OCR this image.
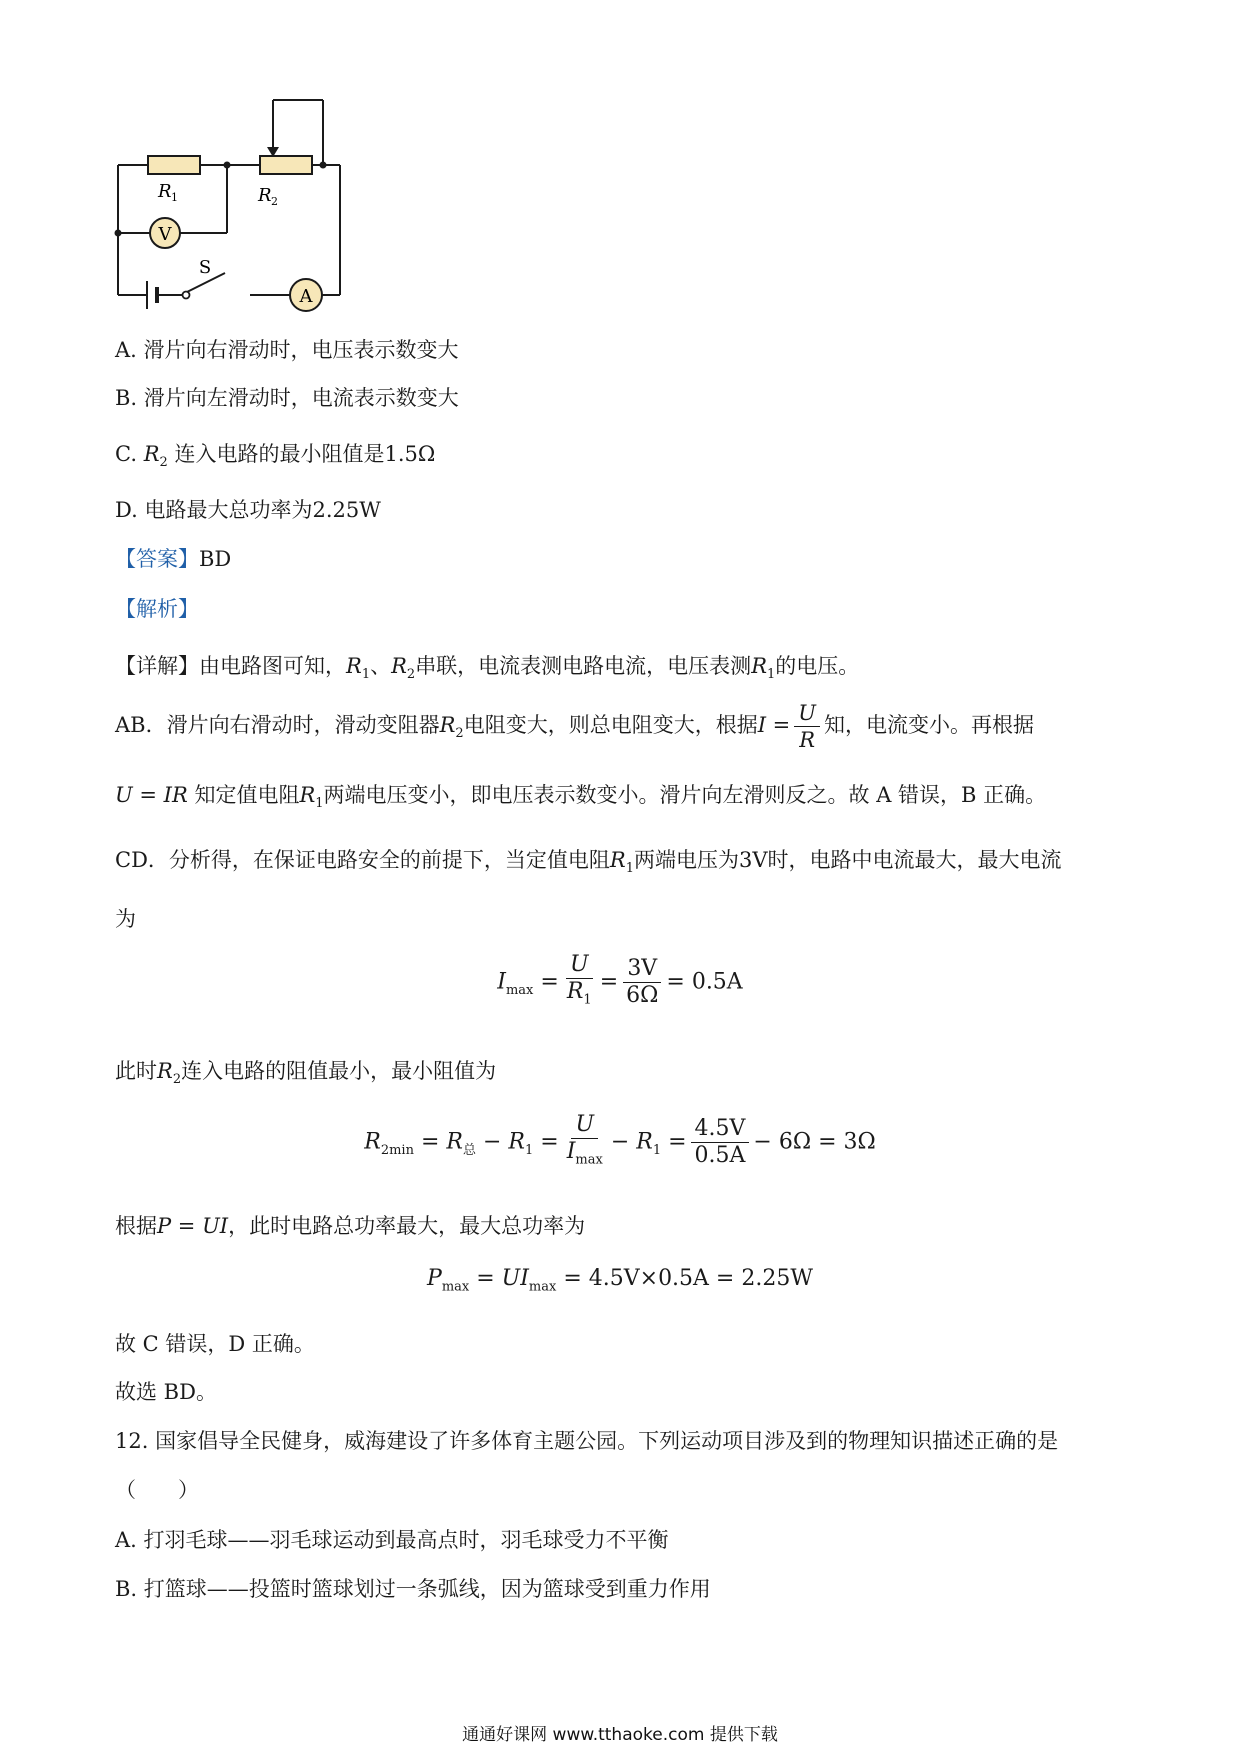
V
A
S
R 1	R 2
A. 滑片向右滑动时，电压表示数变大
B. 滑片向左滑动时，电流表示数变大
C. $R_2$ 连入电路的最小阻值是1.5Ω
D. 电路最大总功率为2.25W
【答案】BD
【解析】
【详解】由电路图可知，$R_1$、$R_2$串联，电流表测电路电流，电压表测$R_1$的电压。
AB．滑片向右滑动时，滑动变阻器$R_2$电阻变大，则总电阻变大，根据$I = \frac{U}{R}$ 知，电流变小。再根据
U = IR 知定值电阻$R_1$两端电压变小，即电压表示数变小。滑片向左滑则反之。故 A 错误，B 正确。
CD．分析得，在保证电路安全的前提下，当定值电阻$R_1$两端电压为3V时，电路中电流最大，最大电流
为
$I_{max} = \frac{U}{R_1} = \frac{3V}{6\Omega} = 0.5A$
此时$R_2$连入电路的阻值最小，最小阻值为
$R_{2min} = R_总 - R_1 = \frac{U}{I_{max}} - R_1 = \frac{4.5V}{0.5A} - 6\Omega = 3\Omega$
根据P = UI，此时电路总功率最大，最大总功率为
$P_{max} = UI_{max} = 4.5V\times 0.5A = 2.25W$
故 C 错误，D 正确。
故选 BD。
12. 国家倡导全民健身，威海建设了许多体育主题公园。下列运动项目涉及到的物理知识描述正确的是
（　　）
A. 打羽毛球——羽毛球运动到最高点时，羽毛球受力不平衡
B. 打篮球——投篮时篮球划过一条弧线，因为篮球受到重力作用
通通好课网 www.tthaoke.com 提供下载
